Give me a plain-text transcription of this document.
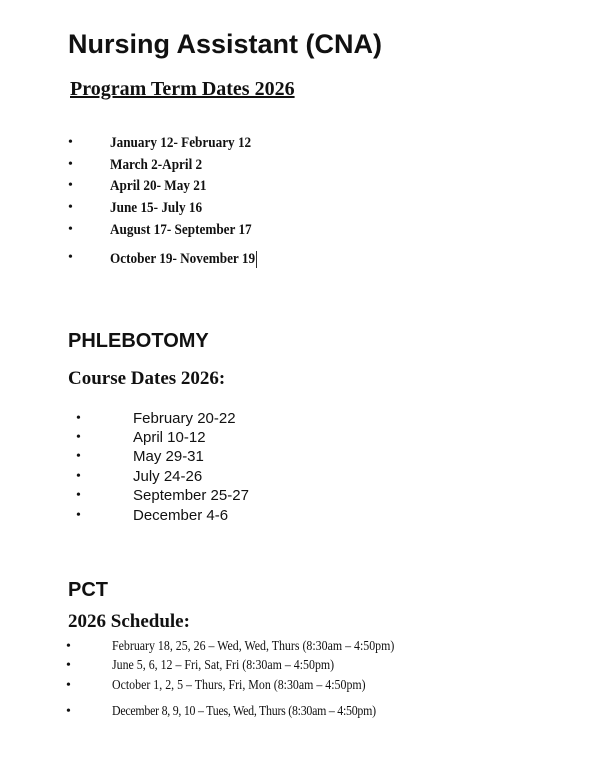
Nursing Assistant (CNA)
Program Term Dates 2026
• January 12- February 12
• March 2-April 2
• April 20- May 21
• June 15- July 16
• August 17- September 17
• October 19- November 19
PHLEBOTOMY
Course Dates 2026:
•	February 20-22
•	April 10-12
•	May 29-31
•	July 24-26
•	September 25-27
•	December 4-6
PCT
2026 Schedule:
•	February 18, 25, 26 – Wed, Wed, Thurs (8:30am – 4:50pm)
•	June 5, 6, 12 – Fri, Sat, Fri (8:30am – 4:50pm)
•	October 1, 2, 5 – Thurs, Fri, Mon (8:30am – 4:50pm)
•	December 8, 9, 10 – Tues, Wed, Thurs (8:30am – 4:50pm)
